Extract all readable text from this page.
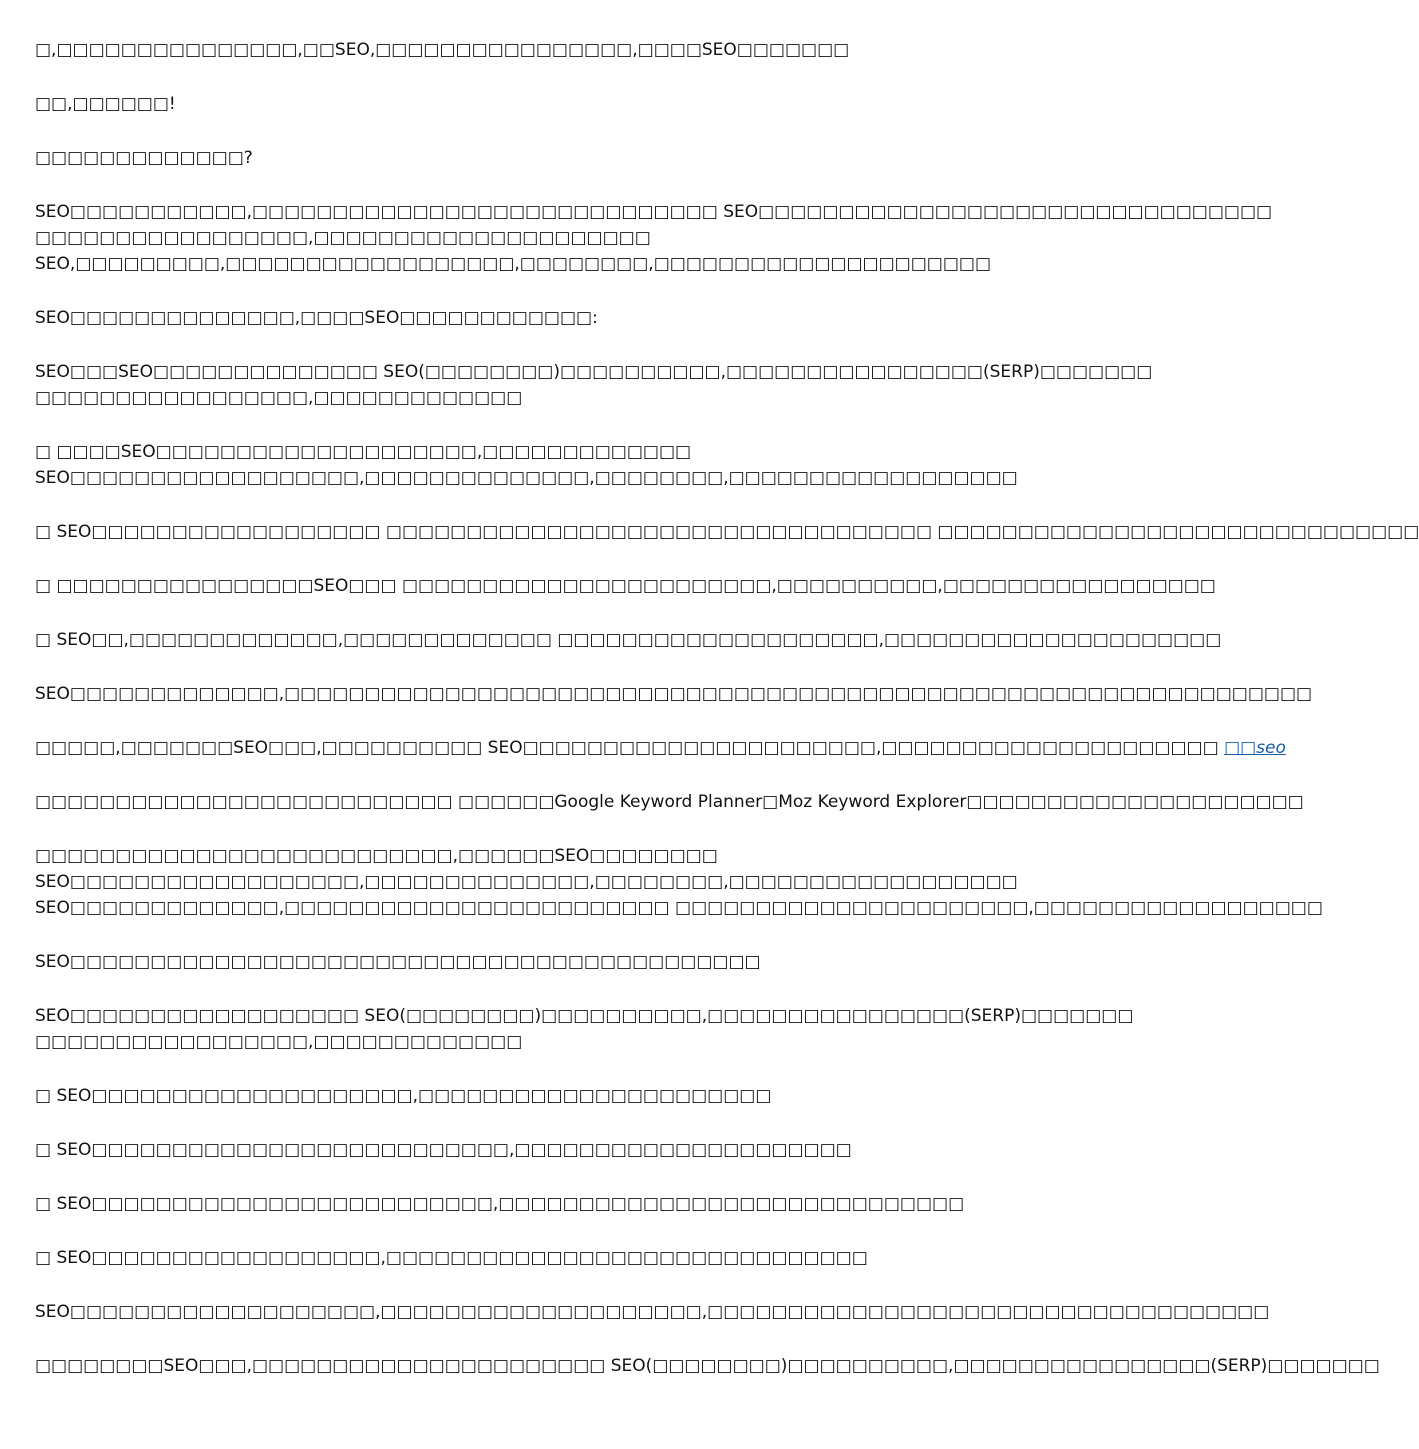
□,□□□□□□□□□□□□□□□,□□SEO,□□□□□□□□□□□□□□□□,□□□□SEO□□□□□□□

□□,□□□□□□!

□□□□□□□□□□□□□?

SEO□□□□□□□□□□□,□□□□□□□□□□□□□□□□□□□□□□□□□□□□□ SEO□□□□□□□□□□□□□□□□□□□□□□□□□□□□□□□□
□□□□□□□□□□□□□□□□□,□□□□□□□□□□□□□□□□□□□□□
SEO,□□□□□□□□□,□□□□□□□□□□□□□□□□□□,□□□□□□□□,□□□□□□□□□□□□□□□□□□□□□

SEO□□□□□□□□□□□□□□,□□□□SEO□□□□□□□□□□□□:

SEO□□□SEO□□□□□□□□□□□□□□ SEO(□□□□□□□□)□□□□□□□□□□,□□□□□□□□□□□□□□□□(SERP)□□□□□□□
□□□□□□□□□□□□□□□□□,□□□□□□□□□□□□□

□ □□□□SEO□□□□□□□□□□□□□□□□□□□□,□□□□□□□□□□□□□
SEO□□□□□□□□□□□□□□□□□□,□□□□□□□□□□□□□□,□□□□□□□□,□□□□□□□□□□□□□□□□□□

□ SEO□□□□□□□□□□□□□□□□□□ □□□□□□□□□□□□□□□□□□□□□□□□□□□□□□□□□□ □□□□□□□□□□□□□□□□□□□□□□□□□□□□□□

□ □□□□□□□□□□□□□□□□SEO□□□ □□□□□□□□□□□□□□□□□□□□□□□,□□□□□□□□□□,□□□□□□□□□□□□□□□□□

□ SEO□□,□□□□□□□□□□□□□,□□□□□□□□□□□□□ □□□□□□□□□□□□□□□□□□□□,□□□□□□□□□□□□□□□□□□□□□

SEO□□□□□□□□□□□□□,□□□□□□□□□□□□□□□□□□□□□□□□□□□□□□□□□□□□□□□□□□□□□□□□□□□□□□□□□□□□□□□□

□□□□□,□□□□□□□SEO□□□,□□□□□□□□□□ SEO□□□□□□□□□□□□□□□□□□□□□□,□□□□□□□□□□□□□□□□□□□□□ □□seo

□□□□□□□□□□□□□□□□□□□□□□□□□□ □□□□□□Google Keyword Planner□Moz Keyword Explorer□□□□□□□□□□□□□□□□□□□□□

□□□□□□□□□□□□□□□□□□□□□□□□□□,□□□□□□SEO□□□□□□□□
SEO□□□□□□□□□□□□□□□□□□,□□□□□□□□□□□□□□,□□□□□□□□,□□□□□□□□□□□□□□□□□□
SEO□□□□□□□□□□□□□,□□□□□□□□□□□□□□□□□□□□□□□□ □□□□□□□□□□□□□□□□□□□□□□,□□□□□□□□□□□□□□□□□□

SEO□□□□□□□□□□□□□□□□□□□□□□□□□□□□□□□□□□□□□□□□□□□

SEO□□□□□□□□□□□□□□□□□□ SEO(□□□□□□□□)□□□□□□□□□□,□□□□□□□□□□□□□□□□(SERP)□□□□□□□
□□□□□□□□□□□□□□□□□,□□□□□□□□□□□□□

□ SEO□□□□□□□□□□□□□□□□□□□□,□□□□□□□□□□□□□□□□□□□□□□

□ SEO□□□□□□□□□□□□□□□□□□□□□□□□□□,□□□□□□□□□□□□□□□□□□□□□

□ SEO□□□□□□□□□□□□□□□□□□□□□□□□□,□□□□□□□□□□□□□□□□□□□□□□□□□□□□□

□ SEO□□□□□□□□□□□□□□□□□□,□□□□□□□□□□□□□□□□□□□□□□□□□□□□□□

SEO□□□□□□□□□□□□□□□□□□□,□□□□□□□□□□□□□□□□□□□□,□□□□□□□□□□□□□□□□□□□□□□□□□□□□□□□□□□□

□□□□□□□□SEO□□□,□□□□□□□□□□□□□□□□□□□□□□ SEO(□□□□□□□□)□□□□□□□□□□,□□□□□□□□□□□□□□□□(SERP)□□□□□□□
